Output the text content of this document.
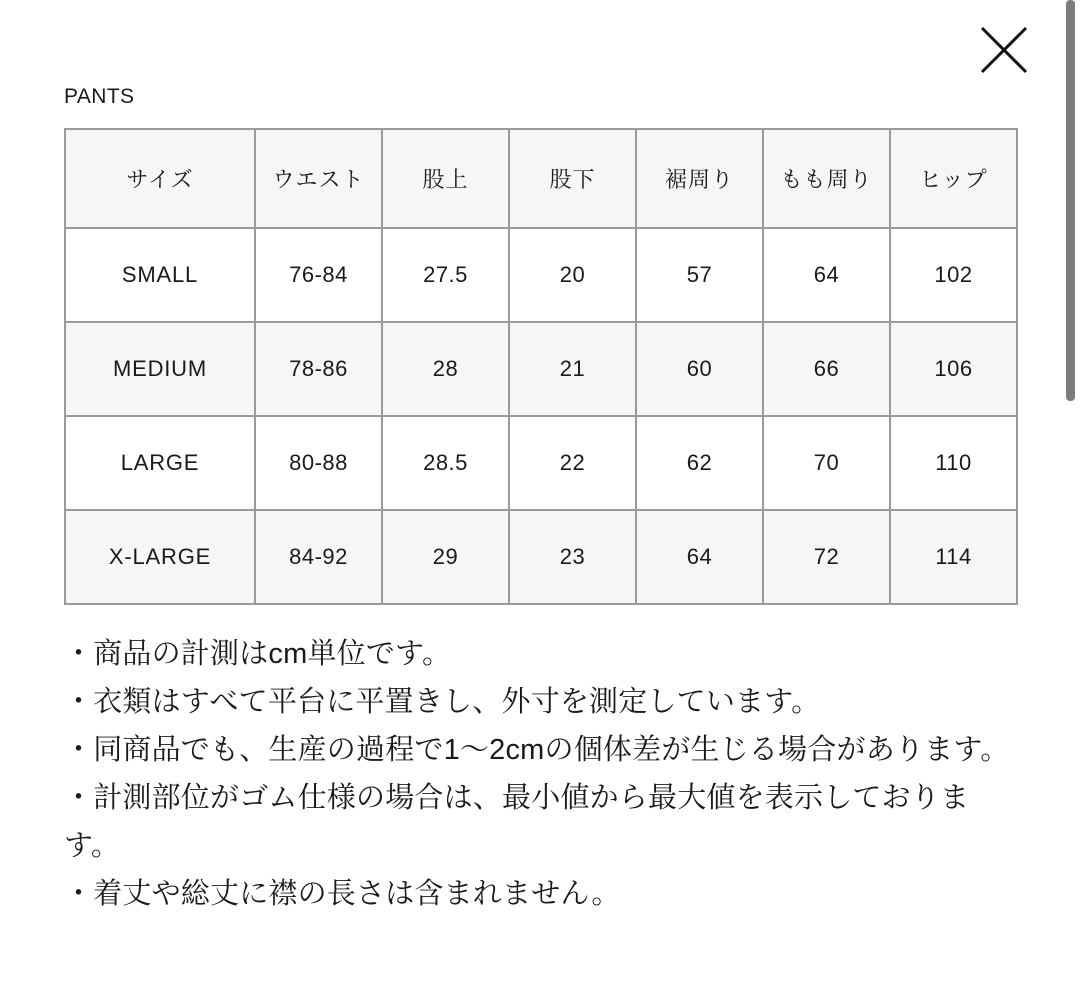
PANTS
サイズ	ウエスト	股上	股下	裾周り	もも周り	ヒップ
SMALL	76-84	27.5	20	57	64	102
MEDIUM	78-86	28	21	60	66	106
LARGE	80-88	28.5	22	62	70	110
X-LARGE	84-92	29	23	64	72	114

・商品の計測はcm単位です。

・衣類はすべて平台に平置きし、外寸を測定しています。

・同商品でも、生産の過程で1〜2cmの個体差が生じる場合があります。

・計測部位がゴム仕様の場合は、最小値から最大値を表示しております。

・着丈や総丈に襟の長さは含まれません。
